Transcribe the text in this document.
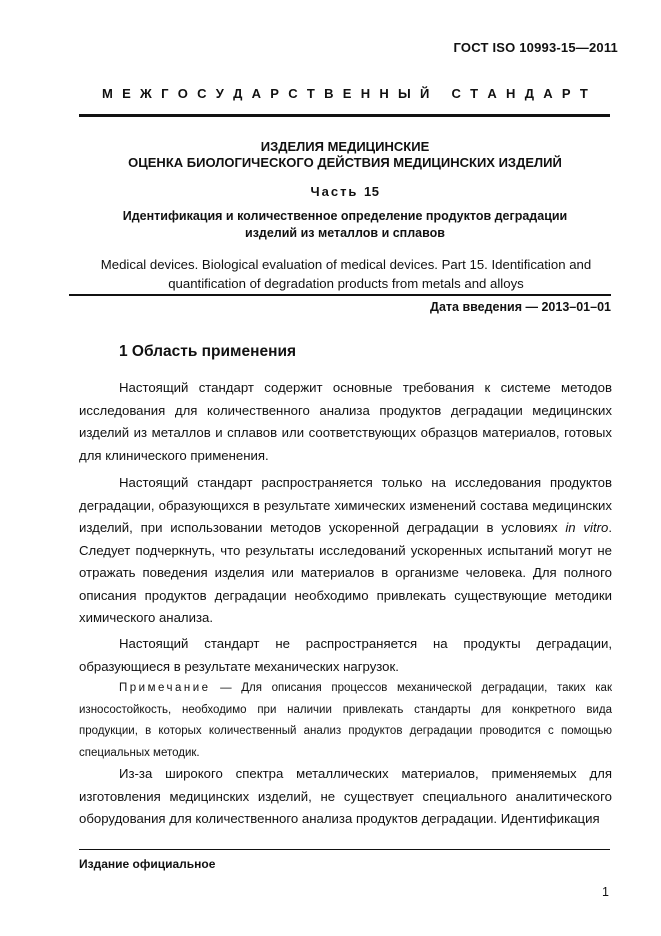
ГОСТ ISO 10993-15—2011
М Е Ж Г О С У Д А Р С Т В Е Н Н Ы Й
С Т А Н Д А Р Т
ИЗДЕЛИЯ МЕДИЦИНСКИЕ
ОЦЕНКА БИОЛОГИЧЕСКОГО ДЕЙСТВИЯ МЕДИЦИНСКИХ ИЗДЕЛИЙ
Часть 15
Идентификация и количественное определение продуктов деградации
изделий из металлов и сплавов
Medical devices. Biological evaluation of medical devices. Part 15. Identification and
quantification of degradation products from metals and alloys
Дата введения — 2013–01–01
1 Область применения

Настоящий стандарт содержит основные требования к системе методов исследования для количественного анализа продуктов деградации медицинских изделий из металлов и сплавов или соответствующих образцов материалов, готовых для клинического применения.

Настоящий стандарт распространяется только на исследования продуктов деградации, образующихся в результате химических изменений состава медицинских изделий, при использовании методов ускоренной деградации в условиях in vitro. Следует подчеркнуть, что результаты исследований ускоренных испытаний могут не отражать поведения изделия или материалов в организме человека. Для полного описания продуктов деградации необходимо привлекать существующие методики химического анализа.

Настоящий стандарт не распространяется на продукты деградации, образующиеся в результате механических нагрузок.

Примечание — Для описания процессов механической деградации, таких как износостойкость, необходимо при наличии привлекать стандарты для конкретного вида продукции, в которых количественный анализ продуктов деградации проводится с помощью специальных методик.

Из-за широкого спектра металлических материалов, применяемых для изготовления медицинских изделий, не существует специального аналитического оборудования для количественного анализа продуктов деградации. Идентификация

Издание официальное
1
